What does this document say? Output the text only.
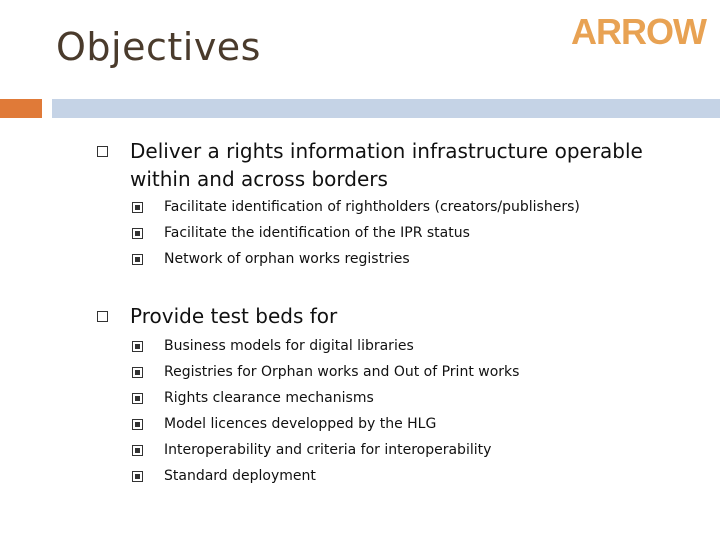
Objectives	ARROW
Deliver a rights information infrastructure operable within and across borders
Facilitate identification of rightholders (creators/publishers)
Facilitate the identification of the IPR status
Network of orphan works registries
Provide test beds for
Business models for digital libraries
Registries for Orphan works and Out of Print works
Rights clearance mechanisms
Model licences developped by the HLG
Interoperability and criteria for interoperability
Standard deployment
